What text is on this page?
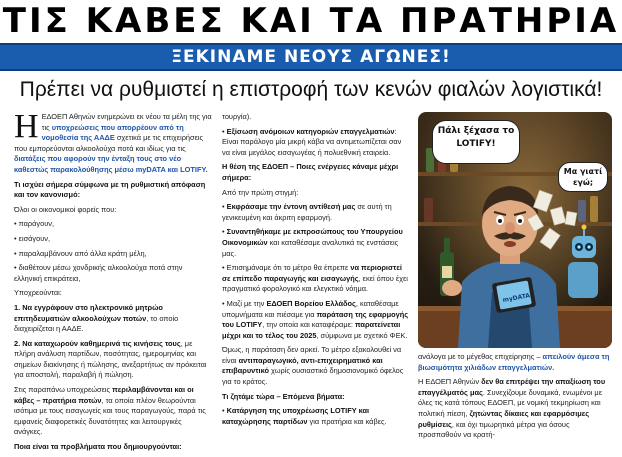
ΤΙΣ ΚΑΒΕΣ ΚΑΙ ΤΑ ΠΡΑΤΗΡΙΑ
ΞΕΚΙΝΑΜΕ ΝΕΟΥΣ ΑΓΩΝΕΣ!
Πρέπει να ρυθμιστεί η επιστροφή των κενών φιαλών λογιστικά!

Η ΕΔΟΕΠ Αθηνών ενημερώνει εκ νέου τα μέλη της για τις υποχρεώσεις που απορρέουν από τη νομοθεσία της ΑΑΔΕ σχετικά με τις επιχειρήσεις που εμπορεύονται αλκοολούχα ποτά και ιδίως για τις διατάξεις που αφορούν την ένταξη τους στο νέο καθεστώς παρακολούθησης μέσω myDATA και LOTIFY.

Τι ισχύει σήμερα σύμφωνα με τη ρυθμιστική απόφαση και τον κανονισμό:

Όλοι οι οικονομικοί φορείς που:

• παράγουν,

• εισάγουν,

• παραλαμβάνουν από άλλα κράτη μέλη,

• διαθέτουν μέσω χονδρικής αλκοολούχα ποτά στην ελληνική επικράτεια,

Υποχρεούνται:

1. Να εγγράφουν στο ηλεκτρονικό μητρώο επιτηδευματιών αλκοολούχων ποτών, το οποίο διαχειρίζεται η ΑΑΔΕ.

2. Να καταχωρούν καθημερινά τις κινήσεις τους, με πλήρη ανάλυση παρτίδων, ποσότητας, ημερομηνίας και σημείων διακίνησης ή πώλησης, ανεξαρτήτως αν πρόκειται για αποστολή, παραλαβή ή πώληση.

Στις παραπάνω υποχρεώσεις περιλαμβάνονται και οι κάβες – πρατήρια ποτών, τα οποία πλέον θεωρούνται ισότιμα με τους εισαγωγείς και τους παραγωγούς, παρά τις εμφανείς διαφορετικές δυνατότητες και λειτουργικές ανάγκες.

Ποια είναι τα προβλήματα που δημιουργούνται:

τουργία).

• Εξίσωση ανόμοιων κατηγοριών επαγγελματιών: Είναι παράλογο μία μικρή κάβα να αντιμετωπίζεται σαν να είναι μεγάλος εισαγωγέας ή πολυεθνική εταιρεία.

Η θέση της ΕΔΟΕΠ – Ποιες ενέργειες κάναμε μέχρι σήμερα:

Από την πρώτη στιγμή:

• Εκφράσαμε την έντονη αντίθεσή μας σε αυτή τη γενικευμένη και άκριτη εφαρμογή.

• Συναντηθήκαμε με εκπροσώπους του Υπουργείου Οικονομικών και καταθέσαμε αναλυτικά τις ενστάσεις μας.

• Επισημάναμε ότι το μέτρο θα έπρεπε να περιοριστεί σε επίπεδο παραγωγής και εισαγωγής, εκεί όπου έχει πραγματικό φορολογικό και ελεγκτικό νόημα.

• Μαζί με την ΕΔΟΕΠ Βορείου Ελλάδος, καταθέσαμε υπομνήματα και πιέσαμε για παράταση της εφαρμογής του LOTIFY, την οποία και καταφέραμε: παρατείνεται μέχρι και το τέλος του 2025, σύμφωνα με σχετικό ΦΕΚ.

Όμως, η παράταση δεν αρκεί. Το μέτρο εξακολουθεί να είναι αντιπαραγωγικό, αντι-επιχειρηματικό και επιβαρυντικό χωρίς ουσιαστικό δημοσιονομικό όφελος για το κράτος.

Τι ζητάμε τώρα – Επόμενα βήματα:

• Κατάργηση της υποχρέωσης LOTIFY και καταχώρησης παρτίδων για πρατήρια και κάβες.

myDATA
Πάλι ξέχασα το LOTIFY!
Μα γιατί εγώ;

ανάλογα με το μέγεθος επιχείρησης – απειλούν άμεσα τη βιωσιμότητα χιλιάδων επαγγελματιών.

Η ΕΔΟΕΠ Αθηνών δεν θα επιτρέψει την απαξίωση του επαγγέλματός μας. Συνεχίζουμε δυναμικά, ενωμένοι με όλες τις κατά τόπους ΕΔΟΕΠ, με νομική τεκμηρίωση και πολιτική πίεση, ζητώντας δίκαιες και εφαρμόσιμες ρυθμίσεις, και όχι τιμωρητικά μέτρα για όσους προσπαθούν να κρατή-
